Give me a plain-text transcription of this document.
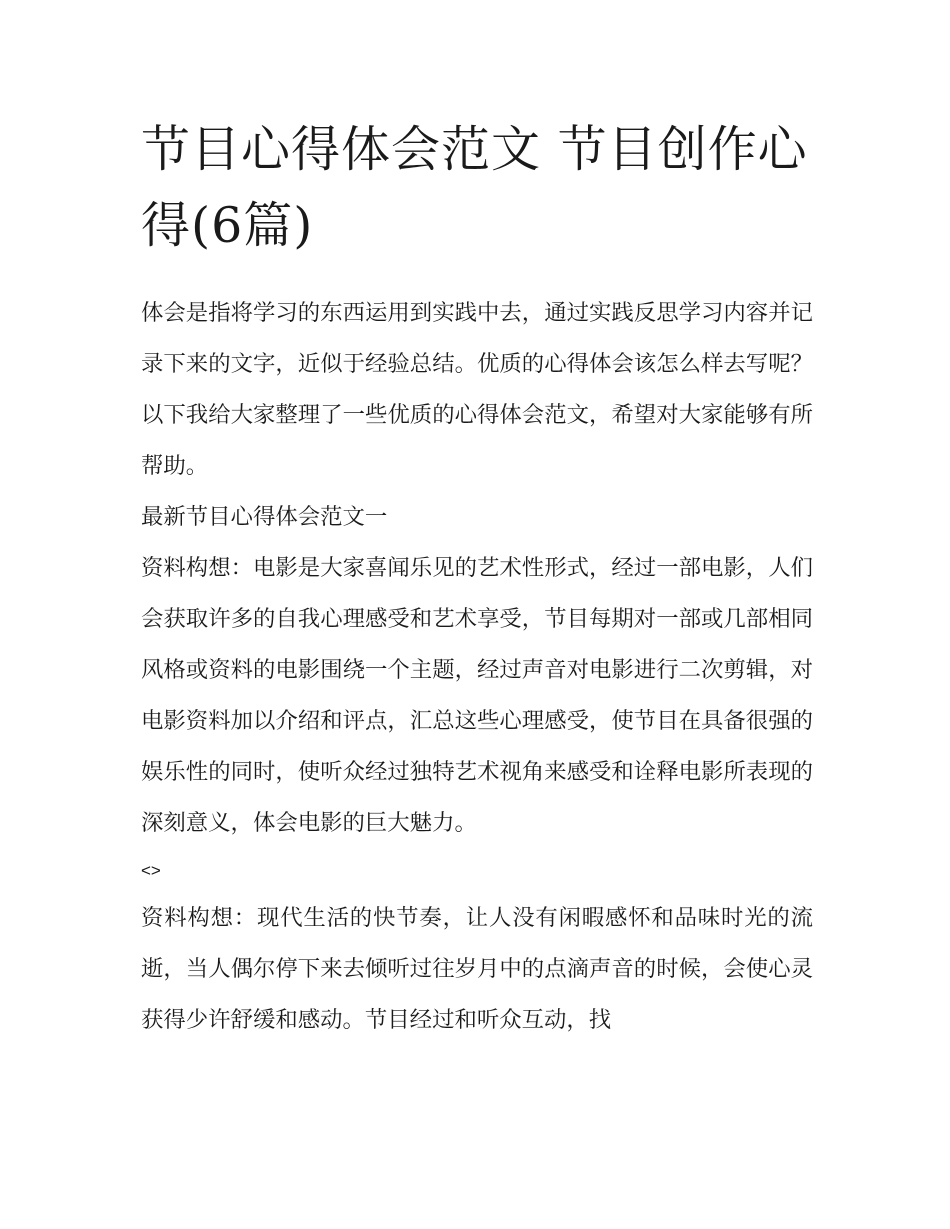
节目心得体会范文 节目创作心得(6篇)

体会是指将学习的东西运用到实践中去，通过实践反思学习内容并记录下来的文字，近似于经验总结。优质的心得体会该怎么样去写呢？以下我给大家整理了一些优质的心得体会范文，希望对大家能够有所帮助。

最新节目心得体会范文一

资料构想：电影是大家喜闻乐见的艺术性形式，经过一部电影，人们会获取许多的自我心理感受和艺术享受，节目每期对一部或几部相同风格或资料的电影围绕一个主题，经过声音对电影进行二次剪辑，对电影资料加以介绍和评点，汇总这些心理感受，使节目在具备很强的娱乐性的同时，使听众经过独特艺术视角来感受和诠释电影所表现的深刻意义，体会电影的巨大魅力。

<>

资料构想：现代生活的快节奏，让人没有闲暇感怀和品味时光的流逝，当人偶尔停下来去倾听过往岁月中的点滴声音的时候，会使心灵获得少许舒缓和感动。节目经过和听众互动，找
